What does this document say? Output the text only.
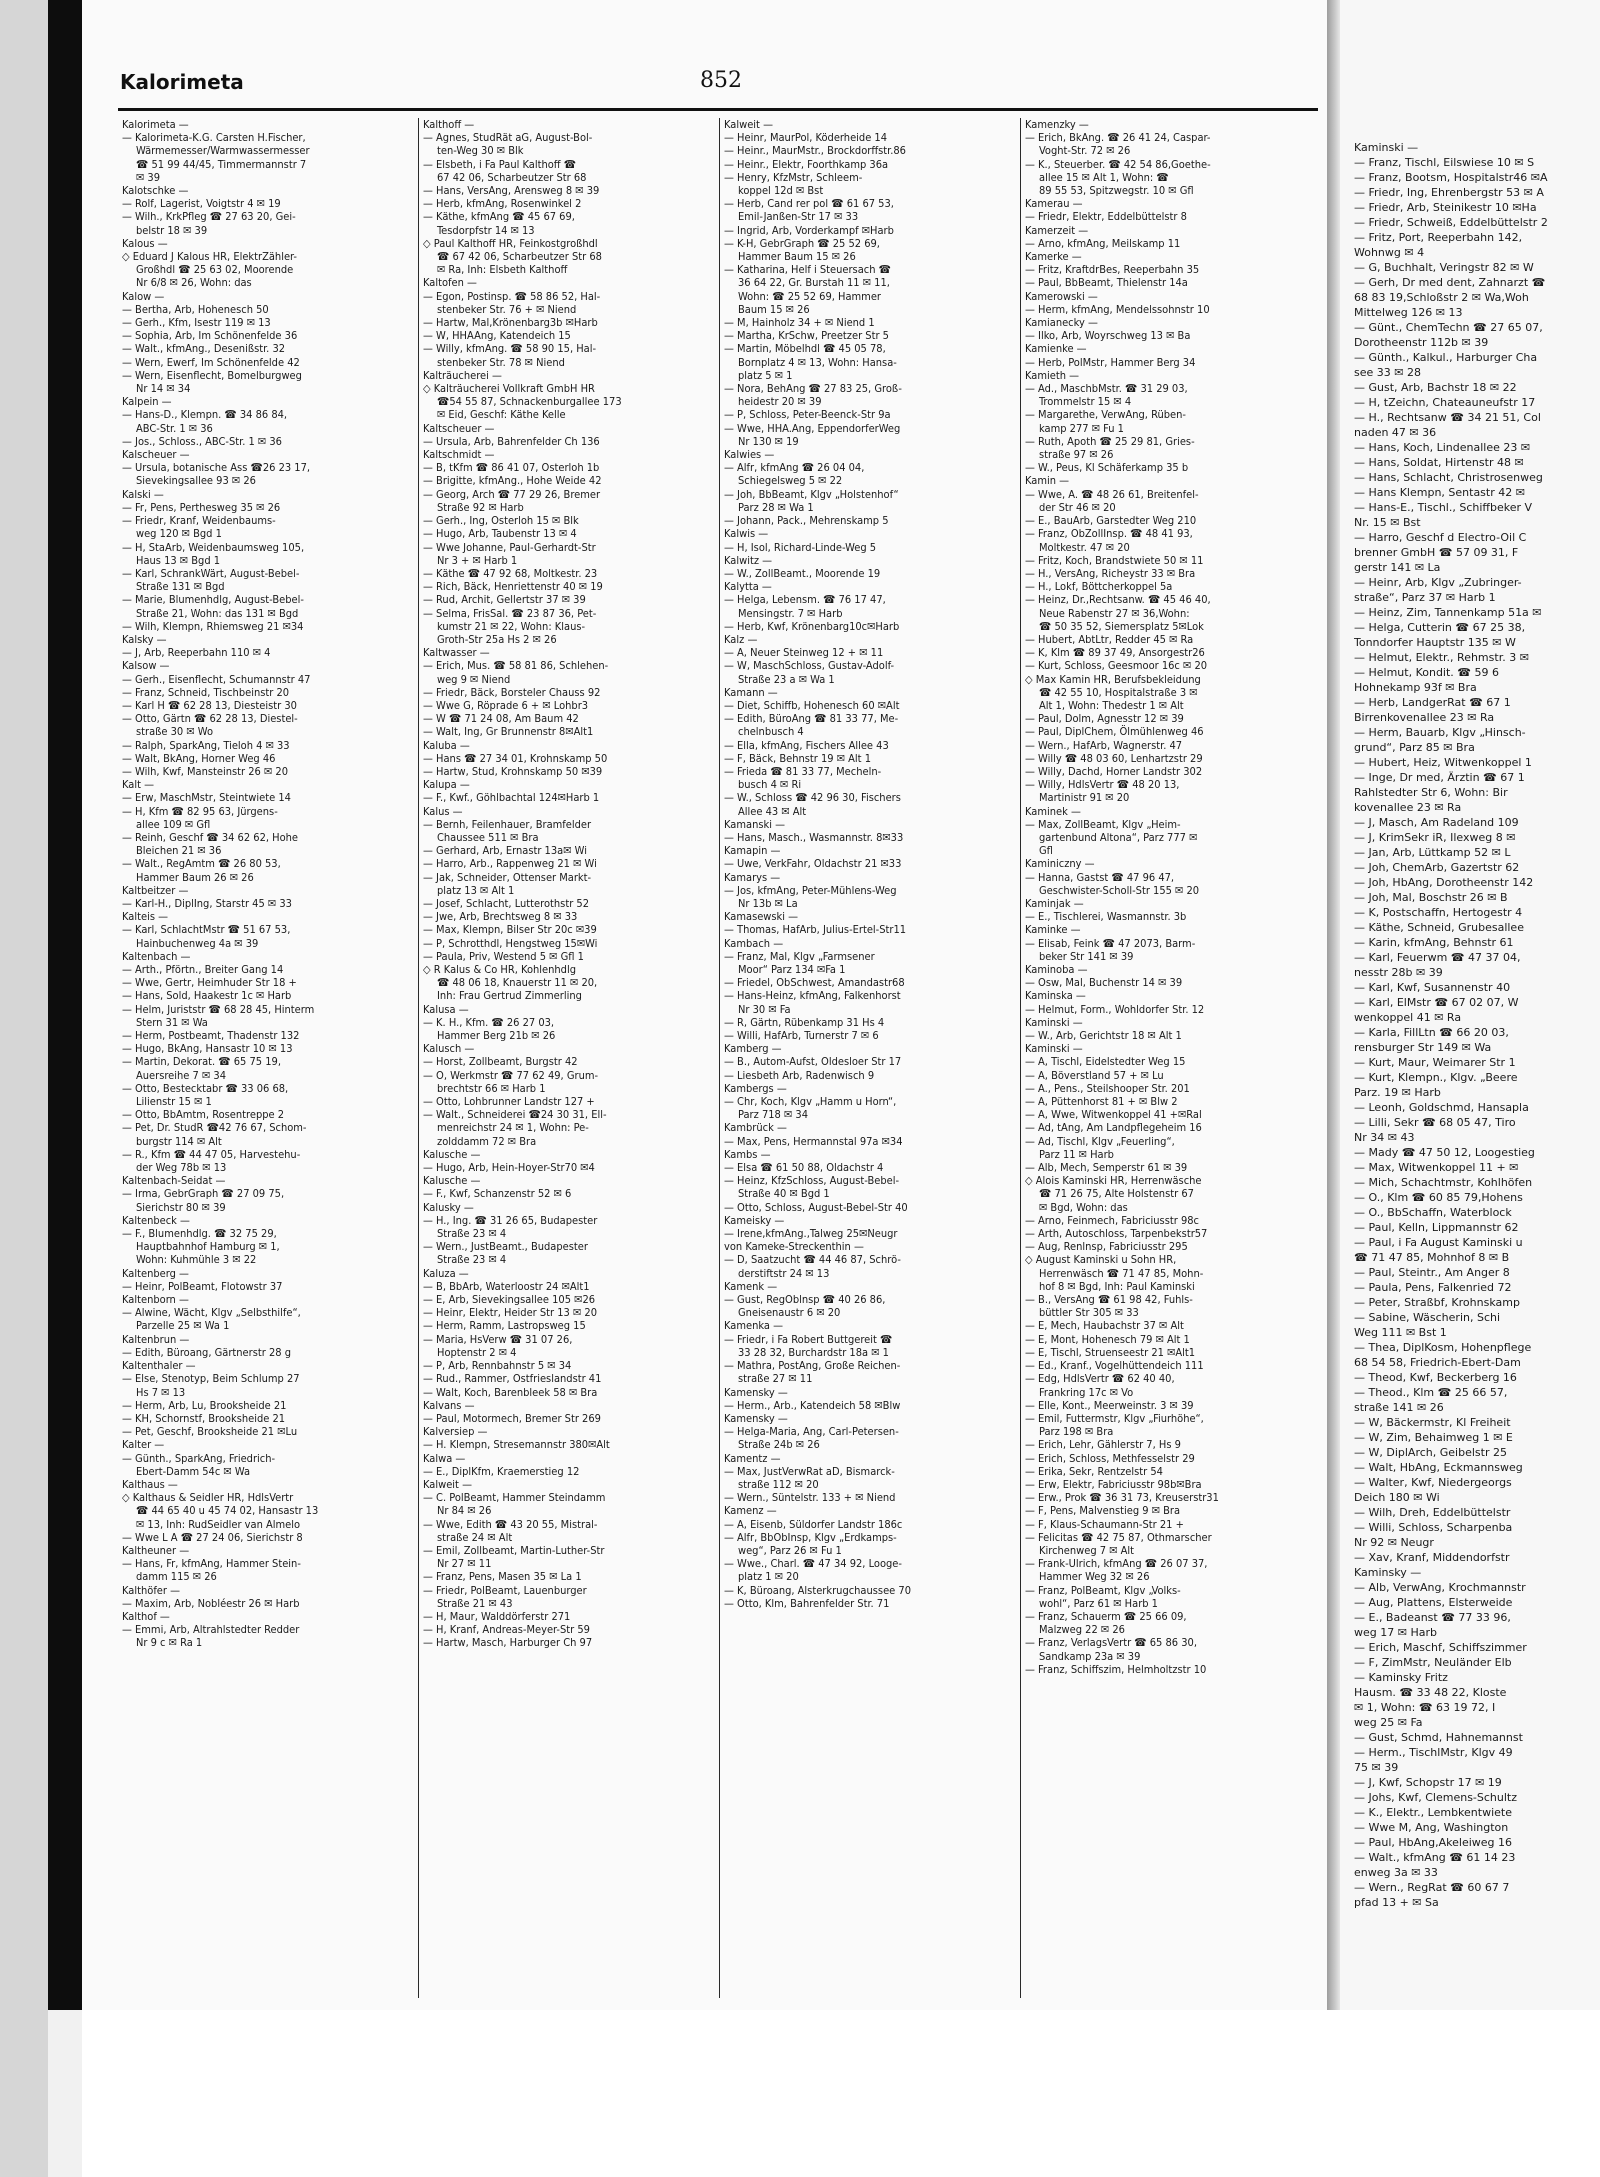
Kalorimeta	852
Kalorimeta —
— Kalorimeta-K.G. Carsten H.Fischer,
Wärmemesser/Warmwassermesser
☎ 51 99 44/45, Timmermannstr 7
✉ 39
Kalotschke —
— Rolf, Lagerist, Voigtstr 4 ✉ 19
— Wilh., KrkPfleg ☎ 27 63 20, Gei-
belstr 18 ✉ 39
Kalous —
◇ Eduard J Kalous HR, ElektrZähler-
Großhdl ☎ 25 63 02, Moorende
Nr 6/8 ✉ 26, Wohn: das
Kalow —
— Bertha, Arb, Hohenesch 50
— Gerh., Kfm, Isestr 119 ✉ 13
— Sophia, Arb, Im Schönenfelde 36
— Walt., kfmAng., Desenißstr. 32
— Wern, Ewerf, Im Schönenfelde 42
— Wern, Eisenflecht, Bomelburgweg
Nr 14 ✉ 34
Kalpein —
— Hans-D., Klempn. ☎ 34 86 84,
ABC-Str. 1 ✉ 36
— Jos., Schloss., ABC-Str. 1 ✉ 36
Kalscheuer —
— Ursula, botanische Ass ☎26 23 17,
Sievekingsallee 93 ✉ 26
Kalski —
— Fr, Pens, Perthesweg 35 ✉ 26
— Friedr, Kranf, Weidenbaums-
weg 120 ✉ Bgd 1
— H, StaArb, Weidenbaumsweg 105,
Haus 13 ✉ Bgd 1
— Karl, SchrankWärt, August-Bebel-
Straße 131 ✉ Bgd
— Marie, Blumenhdlg, August-Bebel-
Straße 21, Wohn: das 131 ✉ Bgd
— Wilh, Klempn, Rhiemsweg 21 ✉34
Kalsky —
— J, Arb, Reeperbahn 110 ✉ 4
Kalsow —
— Gerh., Eisenflecht, Schumannstr 47
— Franz, Schneid, Tischbeinstr 20
— Karl H ☎ 62 28 13, Diesteistr 30
— Otto, Gärtn ☎ 62 28 13, Diestel-
straße 30 ✉ Wo
— Ralph, SparkAng, Tieloh 4 ✉ 33
— Walt, BkAng, Horner Weg 46
— Wilh, Kwf, Mansteinstr 26 ✉ 20
Kalt —
— Erw, MaschMstr, Steintwiete 14
— H, Kfm ☎ 82 95 63, Jürgens-
allee 109 ✉ Gfl
— Reinh, Geschf ☎ 34 62 62, Hohe
Bleichen 21 ✉ 36
— Walt., RegAmtm ☎ 26 80 53,
Hammer Baum 26 ✉ 26
Kaltbeitzer —
— Karl-H., DiplIng, Starstr 45 ✉ 33
Kalteis —
— Karl, SchlachtMstr ☎ 51 67 53,
Hainbuchenweg 4a ✉ 39
Kaltenbach —
— Arth., Pförtn., Breiter Gang 14
— Wwe, Gertr, Heimhuder Str 18 +
— Hans, Sold, Haakestr 1c ✉ Harb
— Helm, Juriststr ☎ 68 28 45, Hinterm
Stern 31 ✉ Wa
— Herm, Postbeamt, Thadenstr 132
— Hugo, BkAng, Hansastr 10 ✉ 13
— Martin, Dekorat. ☎ 65 75 19,
Auersreihe 7 ✉ 34
— Otto, Bestecktabr ☎ 33 06 68,
Lilienstr 15 ✉ 1
— Otto, BbAmtm, Rosentreppe 2
— Pet, Dr. StudR ☎42 76 67, Schom-
burgstr 114 ✉ Alt
— R., Kfm ☎ 44 47 05, Harvestehu-
der Weg 78b ✉ 13
Kaltenbach-Seidat —
— Irma, GebrGraph ☎ 27 09 75,
Sierichstr 80 ✉ 39
Kaltenbeck —
— F., Blumenhdlg. ☎ 32 75 29,
Hauptbahnhof Hamburg ✉ 1,
Wohn: Kuhmühle 3 ✉ 22
Kaltenberg —
— Heinr, PolBeamt, Flotowstr 37
Kaltenborn —
— Alwine, Wächt, Klgv „Selbsthilfe“,
Parzelle 25 ✉ Wa 1
Kaltenbrun —
— Edith, Büroang, Gärtnerstr 28 g
Kaltenthaler —
— Else, Stenotyp, Beim Schlump 27
Hs 7 ✉ 13
— Herm, Arb, Lu, Brooksheide 21
— KH, Schornstf, Brooksheide 21
— Pet, Geschf, Brooksheide 21 ✉Lu
Kalter —
— Günth., SparkAng, Friedrich-
Ebert-Damm 54c ✉ Wa
Kalthaus —
◇ Kalthaus & Seidler HR, HdlsVertr
☎ 44 65 40 u 45 74 02, Hansastr 13
✉ 13, Inh: RudSeidler van Almelo
— Wwe L A ☎ 27 24 06, Sierichstr 8
Kaltheuner —
— Hans, Fr, kfmAng, Hammer Stein-
damm 115 ✉ 26
Kalthöfer —
— Maxim, Arb, Nobléestr 26 ✉ Harb
Kalthof —
— Emmi, Arb, Altrahlstedter Redder
Nr 9 c ✉ Ra 1
Kalthoff —
— Agnes, StudRät aG, August-Bol-
ten-Weg 30 ✉ Blk
— Elsbeth, i Fa Paul Kalthoff ☎
67 42 06, Scharbeutzer Str 68
— Hans, VersAng, Arensweg 8 ✉ 39
— Herb, kfmAng, Rosenwinkel 2
— Käthe, kfmAng ☎ 45 67 69,
Tesdorpfstr 14 ✉ 13
◇ Paul Kalthoff HR, Feinkostgroßhdl
☎ 67 42 06, Scharbeutzer Str 68
✉ Ra, Inh: Elsbeth Kalthoff
Kaltofen —
— Egon, Postinsp. ☎ 58 86 52, Hal-
stenbeker Str. 76 + ✉ Niend
— Hartw, Mal,Krönenbarg3b ✉Harb
— W, HHAAng, Katendeich 15
— Willy, kfmAng. ☎ 58 90 15, Hal-
stenbeker Str. 78 ✉ Niend
Kalträucherei —
◇ Kalträucherei Vollkraft GmbH HR
☎54 55 87, Schnackenburgallee 173
✉ Eid, Geschf: Käthe Kelle
Kaltscheuer —
— Ursula, Arb, Bahrenfelder Ch 136
Kaltschmidt —
— B, tKfm ☎ 86 41 07, Osterloh 1b
— Brigitte, kfmAng., Hohe Weide 42
— Georg, Arch ☎ 77 29 26, Bremer
Straße 92 ✉ Harb
— Gerh., Ing, Osterloh 15 ✉ Blk
— Hugo, Arb, Taubenstr 13 ✉ 4
— Wwe Johanne, Paul-Gerhardt-Str
Nr 3 + ✉ Harb 1
— Käthe ☎ 47 92 68, Moltkestr. 23
— Rich, Bäck, Henriettenstr 40 ✉ 19
— Rud, Archit, Gellertstr 37 ✉ 39
— Selma, FrisSal. ☎ 23 87 36, Pet-
kumstr 21 ✉ 22, Wohn: Klaus-
Groth-Str 25a Hs 2 ✉ 26
Kaltwasser —
— Erich, Mus. ☎ 58 81 86, Schlehen-
weg 9 ✉ Niend
— Friedr, Bäck, Borsteler Chauss 92
— Wwe G, Röprade 6 + ✉ Lohbr3
— W ☎ 71 24 08, Am Baum 42
— Walt, Ing, Gr Brunnenstr 8✉Alt1
Kaluba —
— Hans ☎ 27 34 01, Krohnskamp 50
— Hartw, Stud, Krohnskamp 50 ✉39
Kalupa —
— F., Kwf., Göhlbachtal 124✉Harb 1
Kalus —
— Bernh, Feilenhauer, Bramfelder
Chaussee 511 ✉ Bra
— Gerhard, Arb, Ernastr 13a✉ Wi
— Harro, Arb., Rappenweg 21 ✉ Wi
— Jak, Schneider, Ottenser Markt-
platz 13 ✉ Alt 1
— Josef, Schlacht, Lutterothstr 52
— Jwe, Arb, Brechtsweg 8 ✉ 33
— Max, Klempn, Bilser Str 20c ✉39
— P, Schrotthdl, Hengstweg 15✉Wi
— Paula, Priv, Westend 5 ✉ Gfl 1
◇ R Kalus & Co HR, Kohlenhdlg
☎ 48 06 18, Knauerstr 11 ✉ 20,
Inh: Frau Gertrud Zimmerling
Kalusa —
— K. H., Kfm. ☎ 26 27 03,
Hammer Berg 21b ✉ 26
Kalusch —
— Horst, Zollbeamt, Burgstr 42
— O, Werkmstr ☎ 77 62 49, Grum-
brechtstr 66 ✉ Harb 1
— Otto, Lohbrunner Landstr 127 +
— Walt., Schneiderei ☎24 30 31, Ell-
menreichstr 24 ✉ 1, Wohn: Pe-
zolddamm 72 ✉ Bra
Kalusche —
— Hugo, Arb, Hein-Hoyer-Str70 ✉4
Kalusche —
— F., Kwf, Schanzenstr 52 ✉ 6
Kalusky —
— H., Ing. ☎ 31 26 65, Budapester
Straße 23 ✉ 4
— Wern., JustBeamt., Budapester
Straße 23 ✉ 4
Kaluza —
— B, BbArb, Waterloostr 24 ✉Alt1
— E, Arb, Sievekingsallee 105 ✉26
— Heinr, Elektr, Heider Str 13 ✉ 20
— Herm, Ramm, Lastropsweg 15
— Maria, HsVerw ☎ 31 07 26,
Hoptenstr 2 ✉ 4
— P, Arb, Rennbahnstr 5 ✉ 34
— Rud., Rammer, Ostfrieslandstr 41
— Walt, Koch, Barenbleek 58 ✉ Bra
Kalvans —
— Paul, Motormech, Bremer Str 269
Kalversiep —
— H. Klempn, Stresemannstr 380✉Alt
Kalwa —
— E., DiplKfm, Kraemerstieg 12
Kalweit —
— C. PolBeamt, Hammer Steindamm
Nr 84 ✉ 26
— Wwe, Edith ☎ 43 20 55, Mistral-
straße 24 ✉ Alt
— Emil, Zollbeamt, Martin-Luther-Str
Nr 27 ✉ 11
— Franz, Pens, Masen 35 ✉ La 1
— Friedr, PolBeamt, Lauenburger
Straße 21 ✉ 43
— H, Maur, Walddörferstr 271
— H, Kranf, Andreas-Meyer-Str 59
— Hartw, Masch, Harburger Ch 97
Kalweit —
— Heinr, MaurPol, Köderheide 14
— Heinr., MaurMstr., Brockdorffstr.86
— Heinr., Elektr, Foorthkamp 36a
— Henry, KfzMstr, Schleem-
koppel 12d ✉ Bst
— Herb, Cand rer pol ☎ 61 67 53,
Emil-Janßen-Str 17 ✉ 33
— Ingrid, Arb, Vorderkampf ✉Harb
— K-H, GebrGraph ☎ 25 52 69,
Hammer Baum 15 ✉ 26
— Katharina, Helf i Steuersach ☎
36 64 22, Gr. Burstah 11 ✉ 11,
Wohn: ☎ 25 52 69, Hammer
Baum 15 ✉ 26
— M, Hainholz 34 + ✉ Niend 1
— Martha, KrSchw, Preetzer Str 5
— Martin, Möbelhdl ☎ 45 05 78,
Bornplatz 4 ✉ 13, Wohn: Hansa-
platz 5 ✉ 1
— Nora, BehAng ☎ 27 83 25, Groß-
heidestr 20 ✉ 39
— P, Schloss, Peter-Beenck-Str 9a
— Wwe, HHA.Ang, EppendorferWeg
Nr 130 ✉ 19
Kalwies —
— Alfr, kfmAng ☎ 26 04 04,
Schiegelsweg 5 ✉ 22
— Joh, BbBeamt, Klgv „Holstenhof“
Parz 28 ✉ Wa 1
— Johann, Pack., Mehrenskamp 5
Kalwis —
— H, Isol, Richard-Linde-Weg 5
Kalwitz —
— W., ZollBeamt., Moorende 19
Kalytta —
— Helga, Lebensm. ☎ 76 17 47,
Mensingstr. 7 ✉ Harb
— Herb, Kwf, Krönenbarg10c✉Harb
Kalz —
— A, Neuer Steinweg 12 + ✉ 11
— W, MaschSchloss, Gustav-Adolf-
Straße 23 a ✉ Wa 1
Kamann —
— Diet, Schiffb, Hohenesch 60 ✉Alt
— Edith, BüroAng ☎ 81 33 77, Me-
chelnbusch 4
— Ella, kfmAng, Fischers Allee 43
— F, Bäck, Behnstr 19 ✉ Alt 1
— Frieda ☎ 81 33 77, Mecheln-
busch 4 ✉ Ri
— W., Schloss ☎ 42 96 30, Fischers
Allee 43 ✉ Alt
Kamanski —
— Hans, Masch., Wasmannstr. 8✉33
Kamapin —
— Uwe, VerkFahr, Oldachstr 21 ✉33
Kamarys —
— Jos, kfmAng, Peter-Mühlens-Weg
Nr 13b ✉ La
Kamasewski —
— Thomas, HafArb, Julius-Ertel-Str11
Kambach —
— Franz, Mal, Klgv „Farmsener
Moor“ Parz 134 ✉Fa 1
— Friedel, ObSchwest, Amandastr68
— Hans-Heinz, kfmAng, Falkenhorst
Nr 30 ✉ Fa
— R, Gärtn, Rübenkamp 31 Hs 4
— Willi, HafArb, Turnerstr 7 ✉ 6
Kamberg —
— B., Autom-Aufst, Oldesloer Str 17
— Liesbeth Arb, Radenwisch 9
Kambergs —
— Chr, Koch, Klgv „Hamm u Horn“,
Parz 718 ✉ 34
Kambrück —
— Max, Pens, Hermannstal 97a ✉34
Kambs —
— Elsa ☎ 61 50 88, Oldachstr 4
— Heinz, KfzSchloss, August-Bebel-
Straße 40 ✉ Bgd 1
— Otto, Schloss, August-Bebel-Str 40
Kameisky —
— Irene,kfmAng.,Talweg 25✉Neugr
von Kameke-Streckenthin —
— D, Saatzucht ☎ 44 46 87, Schrö-
derstiftstr 24 ✉ 13
Kamenk —
— Gust, RegOblnsp ☎ 40 26 86,
Gneisenaustr 6 ✉ 20
Kamenka —
— Friedr, i Fa Robert Buttgereit ☎
33 28 32, Burchardstr 18a ✉ 1
— Mathra, PostAng, Große Reichen-
straße 27 ✉ 11
Kamensky —
— Herm., Arb., Katendeich 58 ✉Blw
Kamensky —
— Helga-Maria, Ang, Carl-Petersen-
Straße 24b ✉ 26
Kamentz —
— Max, JustVerwRat aD, Bismarck-
straße 112 ✉ 20
— Wern., Süntelstr. 133 + ✉ Niend
Kamenz —
— A, Eisenb, Süldorfer Landstr 186c
— Alfr, BbObInsp, Klgv „Erdkamps-
weg“, Parz 26 ✉ Fu 1
— Wwe., Charl. ☎ 47 34 92, Looge-
platz 1 ✉ 20
— K, Büroang, Alsterkrugchaussee 70
— Otto, Klm, Bahrenfelder Str. 71
Kamenzky —
— Erich, BkAng. ☎ 26 41 24, Caspar-
Voght-Str. 72 ✉ 26
— K., Steuerber. ☎ 42 54 86,Goethe-
allee 15 ✉ Alt 1, Wohn: ☎
89 55 53, Spitzwegstr. 10 ✉ Gfl
Kamerau —
— Friedr, Elektr, Eddelbüttelstr 8
Kamerzeit —
— Arno, kfmAng, Meilskamp 11
Kamerke —
— Fritz, KraftdrBes, Reeperbahn 35
— Paul, BbBeamt, Thielenstr 14a
Kamerowski —
— Herm, kfmAng, Mendelssohnstr 10
Kamianecky —
— Ilko, Arb, Woyrschweg 13 ✉ Ba
Kamienke —
— Herb, PolMstr, Hammer Berg 34
Kamieth —
— Ad., MaschbMstr. ☎ 31 29 03,
Trommelstr 15 ✉ 4
— Margarethe, VerwAng, Rüben-
kamp 277 ✉ Fu 1
— Ruth, Apoth ☎ 25 29 81, Gries-
straße 97 ✉ 26
— W., Peus, Kl Schäferkamp 35 b
Kamin —
— Wwe, A. ☎ 48 26 61, Breitenfel-
der Str 46 ✉ 20
— E., BauArb, Garstedter Weg 210
— Franz, ObZollInsp. ☎ 48 41 93,
Moltkestr. 47 ✉ 20
— Fritz, Koch, Brandstwiete 50 ✉ 11
— H., VersAng, Richeystr 33 ✉ Bra
— H., Lokf, Böttcherkoppel 5a
— Heinz, Dr.,Rechtsanw. ☎ 45 46 40,
Neue Rabenstr 27 ✉ 36,Wohn:
☎ 50 35 52, Siemersplatz 5✉Lok
— Hubert, AbtLtr, Redder 45 ✉ Ra
— K, Klm ☎ 89 37 49, Ansorgestr26
— Kurt, Schloss, Geesmoor 16c ✉ 20
◇ Max Kamin HR, Berufsbekleidung
☎ 42 55 10, Hospitalstraße 3 ✉
Alt 1, Wohn: Thedestr 1 ✉ Alt
— Paul, Dolm, Agnesstr 12 ✉ 39
— Paul, DiplChem, Ölmühlenweg 46
— Wern., HafArb, Wagnerstr. 47
— Willy ☎ 48 03 60, Lenhartzstr 29
— Willy, Dachd, Horner Landstr 302
— Willy, HdlsVertr ☎ 48 20 13,
Martinistr 91 ✉ 20
Kaminek —
— Max, ZollBeamt, Klgv „Heim-
gartenbund Altona“, Parz 777 ✉
Gfl
Kaminiczny —
— Hanna, Gastst ☎ 47 96 47,
Geschwister-Scholl-Str 155 ✉ 20
Kaminjak —
— E., Tischlerei, Wasmannstr. 3b
Kaminke —
— Elisab, Feink ☎ 47 2073, Barm-
beker Str 141 ✉ 39
Kaminoba —
— Osw, Mal, Buchenstr 14 ✉ 39
Kaminska —
— Helmut, Form., Wohldorfer Str. 12
Kaminski —
— W., Arb, Gerichtstr 18 ✉ Alt 1
Kaminski —
— A, Tischl, Eidelstedter Weg 15
— A, Böverstland 57 + ✉ Lu
— A., Pens., Steilshooper Str. 201
— A, Püttenhorst 81 + ✉ Blw 2
— A, Wwe, Witwenkoppel 41 +✉Ral
— Ad, tAng, Am Landpflegeheim 16
— Ad, Tischl, Klgv „Feuerling“,
Parz 11 ✉ Harb
— Alb, Mech, Semperstr 61 ✉ 39
◇ Alois Kaminski HR, Herrenwäsche
☎ 71 26 75, Alte Holstenstr 67
✉ Bgd, Wohn: das
— Arno, Feinmech, Fabriciusstr 98c
— Arth, Autoschloss, Tarpenbekstr57
— Aug, Renlnsp, Fabriciusstr 295
◇ August Kaminski u Sohn HR,
Herrenwäsch ☎ 71 47 85, Mohn-
hof 8 ✉ Bgd, Inh: Paul Kaminski
— B., VersAng ☎ 61 98 42, Fuhls-
büttler Str 305 ✉ 33
— E, Mech, Haubachstr 37 ✉ Alt
— E, Mont, Hohenesch 79 ✉ Alt 1
— E, Tischl, Struenseestr 21 ✉Alt1
— Ed., Kranf., Vogelhüttendeich 111
— Edg, HdlsVertr ☎ 62 40 40,
Frankring 17c ✉ Vo
— Elle, Kont., Meerweinstr. 3 ✉ 39
— Emil, Futtermstr, Klgv „Fiurhöhe“,
Parz 198 ✉ Bra
— Erich, Lehr, Gählerstr 7, Hs 9
— Erich, Schloss, Methfesselstr 29
— Erika, Sekr, Rentzelstr 54
— Erw, Elektr, Fabriciusstr 98b✉Bra
— Erw., Prok ☎ 36 31 73, Kreuserstr31
— F, Pens, Malvenstieg 9 ✉ Bra
— F, Klaus-Schaumann-Str 21 +
— Felicitas ☎ 42 75 87, Othmarscher
Kirchenweg 7 ✉ Alt
— Frank-Ulrich, kfmAng ☎ 26 07 37,
Hammer Weg 32 ✉ 26
— Franz, PolBeamt, Klgv „Volks-
wohl“, Parz 61 ✉ Harb 1
— Franz, Schauerm ☎ 25 66 09,
Malzweg 22 ✉ 26
— Franz, VerlagsVertr ☎ 65 86 30,
Sandkamp 23a ✉ 39
— Franz, Schiffszim, Helmholtzstr 10
Kaminski —
— Franz, Tischl, Eilswiese 10 ✉ S
— Franz, Bootsm, Hospitalstr46 ✉A
— Friedr, Ing, Ehrenbergstr 53 ✉ A
— Friedr, Arb, Steinikestr 10 ✉Ha
— Friedr, Schweiß, Eddelbüttelstr 2
— Fritz, Port, Reeperbahn 142,
Wohnwg ✉ 4
— G, Buchhalt, Veringstr 82 ✉ W
— Gerh, Dr med dent, Zahnarzt ☎
68 83 19,Schloßstr 2 ✉ Wa,Woh
Mittelweg 126 ✉ 13
— Günt., ChemTechn ☎ 27 65 07,
Dorotheenstr 112b ✉ 39
— Günth., Kalkul., Harburger Cha
see 33 ✉ 28
— Gust, Arb, Bachstr 18 ✉ 22
— H, tZeichn, Chateauneufstr 17
— H., Rechtsanw ☎ 34 21 51, Col
naden 47 ✉ 36
— Hans, Koch, Lindenallee 23 ✉
— Hans, Soldat, Hirtenstr 48 ✉
— Hans, Schlacht, Christrosenweg
— Hans Klempn, Sentastr 42 ✉
— Hans-E., Tischl., Schiffbeker V
Nr. 15 ✉ Bst
— Harro, Geschf d Electro-Oil C
brenner GmbH ☎ 57 09 31, F
gerstr 141 ✉ La
— Heinr, Arb, Klgv „Zubringer-
straße“, Parz 37 ✉ Harb 1
— Heinz, Zim, Tannenkamp 51a ✉
— Helga, Cutterin ☎ 67 25 38,
Tonndorfer Hauptstr 135 ✉ W
— Helmut, Elektr., Rehmstr. 3 ✉
— Helmut, Kondit. ☎ 59 6
Hohnekamp 93f ✉ Bra
— Herb, LandgerRat ☎ 67 1
Birrenkovenallee 23 ✉ Ra
— Herm, Bauarb, Klgv „Hinsch-
grund“, Parz 85 ✉ Bra
— Hubert, Heiz, Witwenkoppel 1
— Inge, Dr med, Ärztin ☎ 67 1
Rahlstedter Str 6, Wohn: Bir
kovenallee 23 ✉ Ra
— J, Masch, Am Radeland 109
— J, KrimSekr iR, Ilexweg 8 ✉
— Jan, Arb, Lüttkamp 52 ✉ L
— Joh, ChemArb, Gazertstr 62
— Joh, HbAng, Dorotheenstr 142
— Joh, Mal, Boschstr 26 ✉ B
— K, Postschaffn, Hertogestr 4
— Käthe, Schneid, Grubesallee
— Karin, kfmAng, Behnstr 61
— Karl, Feuerwm ☎ 47 37 04,
nesstr 28b ✉ 39
— Karl, Kwf, Susannenstr 40
— Karl, ElMstr ☎ 67 02 07, W
wenkoppel 41 ✉ Ra
— Karla, FillLtn ☎ 66 20 03,
rensburger Str 149 ✉ Wa
— Kurt, Maur, Weimarer Str 1
— Kurt, Klempn., Klgv. „Beere
Parz. 19 ✉ Harb
— Leonh, Goldschmd, Hansapla
— Lilli, Sekr ☎ 68 05 47, Tiro
Nr 34 ✉ 43
— Mady ☎ 47 50 12, Loogestieg
— Max, Witwenkoppel 11 + ✉
— Mich, Schachtmstr, Kohlhöfen
— O., Klm ☎ 60 85 79,Hohens
— O., BbSchaffn, Waterblock
— Paul, Kelln, Lippmannstr 62
— Paul, i Fa August Kaminski u
☎ 71 47 85, Mohnhof 8 ✉ B
— Paul, Steintr., Am Anger 8
— Paula, Pens, Falkenried 72
— Peter, Straßbf, Krohnskamp
— Sabine, Wäscherin, Schi
Weg 111 ✉ Bst 1
— Thea, DiplKosm, Hohenpflege
68 54 58, Friedrich-Ebert-Dam
— Theod, Kwf, Beckerberg 16
— Theod., Klm ☎ 25 66 57,
straße 141 ✉ 26
— W, Bäckermstr, Kl Freiheit
— W, Zim, Behaimweg 1 ✉ E
— W, DiplArch, Geibelstr 25
— Walt, HbAng, Eckmannsweg
— Walter, Kwf, Niedergeorgs
Deich 180 ✉ Wi
— Wilh, Dreh, Eddelbüttelstr
— Willi, Schloss, Scharpenba
Nr 92 ✉ Neugr
— Xav, Kranf, Middendorfstr
Kaminsky —
— Alb, VerwAng, Krochmannstr
— Aug, Plattens, Elsterweide
— E., Badeanst ☎ 77 33 96,
weg 17 ✉ Harb
— Erich, Maschf, Schiffszimmer
— F, ZimMstr, Neuländer Elb
— Kaminsky Fritz
Hausm. ☎ 33 48 22, Kloste
✉ 1, Wohn: ☎ 63 19 72, I
weg 25 ✉ Fa
— Gust, Schmd, Hahnemannst
— Herm., TischlMstr, Klgv 49
75 ✉ 39
— J, Kwf, Schopstr 17 ✉ 19
— Johs, Kwf, Clemens-Schultz
— K., Elektr., Lembkentwiete
— Wwe M, Ang, Washington
— Paul, HbAng,Akeleiweg 16
— Walt., kfmAng ☎ 61 14 23
enweg 3a ✉ 33
— Wern., RegRat ☎ 60 67 7
pfad 13 + ✉ Sa
